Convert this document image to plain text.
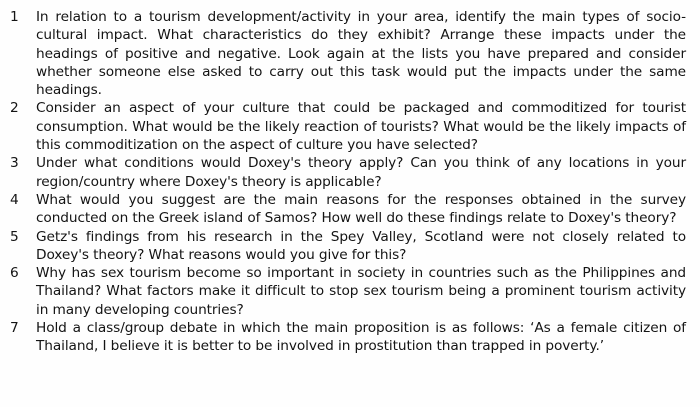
1	In relation to a tourism development/activity in your area, identify the main types of socio-cultural impact. What characteristics do they exhibit? Arrange these impacts under the headings of positive and negative. Look again at the lists you have prepared and consider whether someone else asked to carry out this task would put the impacts under the same headings.
2	Consider an aspect of your culture that could be packaged and commoditized for tourist consumption. What would be the likely reaction of tourists? What would be the likely impacts of this commoditization on the aspect of culture you have selected?
3	Under what conditions would Doxey's theory apply? Can you think of any locations in your region/country where Doxey's theory is applicable?
4	What would you suggest are the main reasons for the responses obtained in the survey conducted on the Greek island of Samos? How well do these findings relate to Doxey's theory?
5	Getz's findings from his research in the Spey Valley, Scotland were not closely related to Doxey's theory? What reasons would you give for this?
6	Why has sex tourism become so important in society in countries such as the Philippines and Thailand? What factors make it difficult to stop sex tourism being a prominent tourism activity in many developing countries?
7	Hold a class/group debate in which the main proposition is as follows: ‘As a female citizen of Thailand, I believe it is better to be involved in prostitution than trapped in poverty.’
